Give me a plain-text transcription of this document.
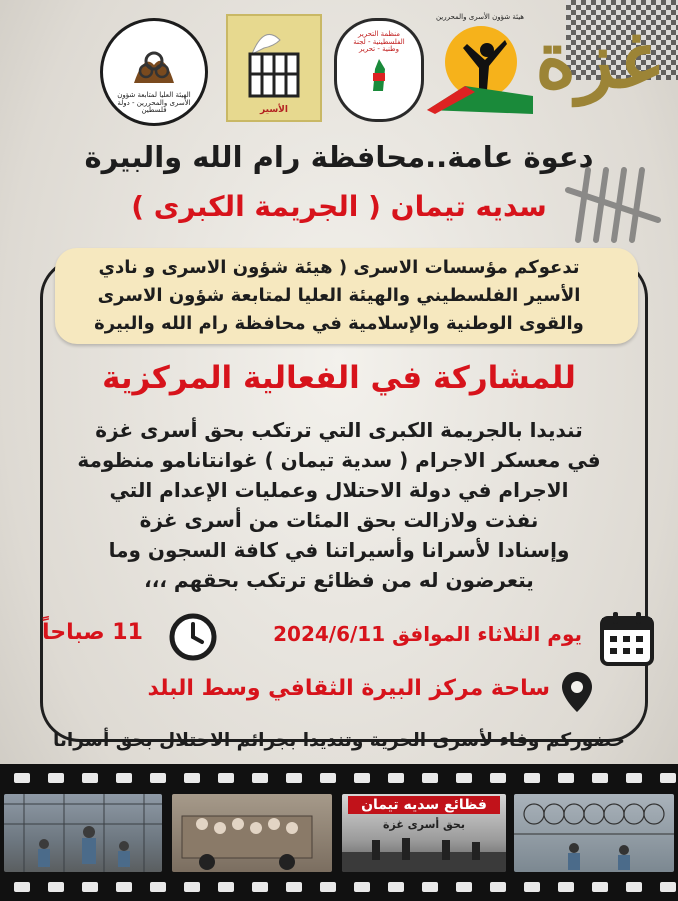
الهيئة العليا لمتابعة شؤون الأسرى والمحررين - دولة فلسطين	الأسير
منظمة التحرير الفلسطينية - لجنة وطنية - تحرير
هيئة شؤون الأسرى والمحررين غزة
دعوة عامة..محافظة رام الله والبيرة
سديه تيمان ( الجريمة الكبرى )
تدعوكم مؤسسات الاسرى ( هيئة شؤون الاسرى و نادي
الأسير الفلسطيني والهيئة العليا لمتابعة شؤون الاسرى
والقوى الوطنية والإسلامية في محافظة رام الله والبيرة
للمشاركة في الفعالية المركزية
تنديدا بالجريمة الكبرى التي ترتكب بحق أسرى غزة
في معسكر الاجرام ( سدية تيمان ) غوانتانامو منظومة
الاجرام في دولة الاحتلال وعمليات الإعدام التي
نفذت ولازالت بحق المئات من أسرى غزة
وإسنادا لأسرانا وأسيراتنا في كافة السجون وما
يتعرضون له من فظائع ترتكب بحقهم ،،،
يوم الثلاثاء الموافق 2024/6/11
11 صباحاً
ساحة مركز البيرة الثقافي وسط البلد
حضوركم وفاء لأسرى الحرية وتنديدا بجرائم الاحتلال بحق أسرانا
فظائع سديه تيمان
بحق أسرى غزة
